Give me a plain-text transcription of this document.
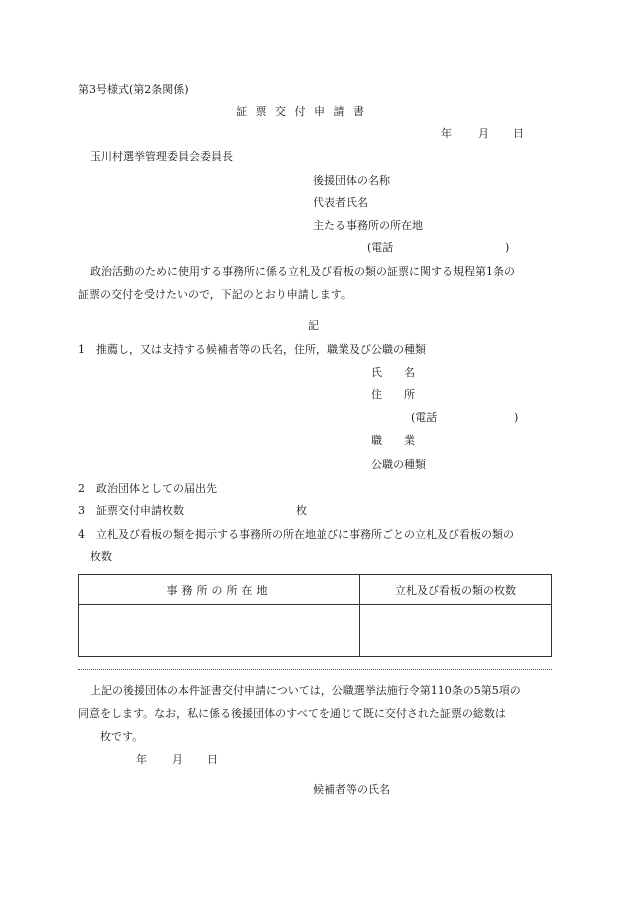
第3号様式(第2条関係)
証票交付申請書
年 月 日
玉川村選挙管理委員会委員長
後援団体の名称
代表者氏名
主たる事務所の所在地
(電話	)
政治活動のために使用する事務所に係る立札及び看板の類の証票に関する規程第1条の
証票の交付を受けたいので，下記のとおり申請します。
記
1　推薦し，又は支持する候補者等の氏名，住所，職業及び公職の種類
氏　　名
住　　所
(電話	)
職　　業
公職の種類
2　政治団体としての届出先
3　証票交付申請枚数	枚
4　立札及び看板の類を掲示する事務所の所在地並びに事務所ごとの立札及び看板の類の
枚数
事務所の所在地	立札及び看板の類の枚数

上記の後援団体の本件証書交付申請については，公職選挙法施行令第110条の5第5項の
同意をします。なお，私に係る後援団体のすべてを通じて既に交付された証票の総数は
枚です。
年 月 日
候補者等の氏名
